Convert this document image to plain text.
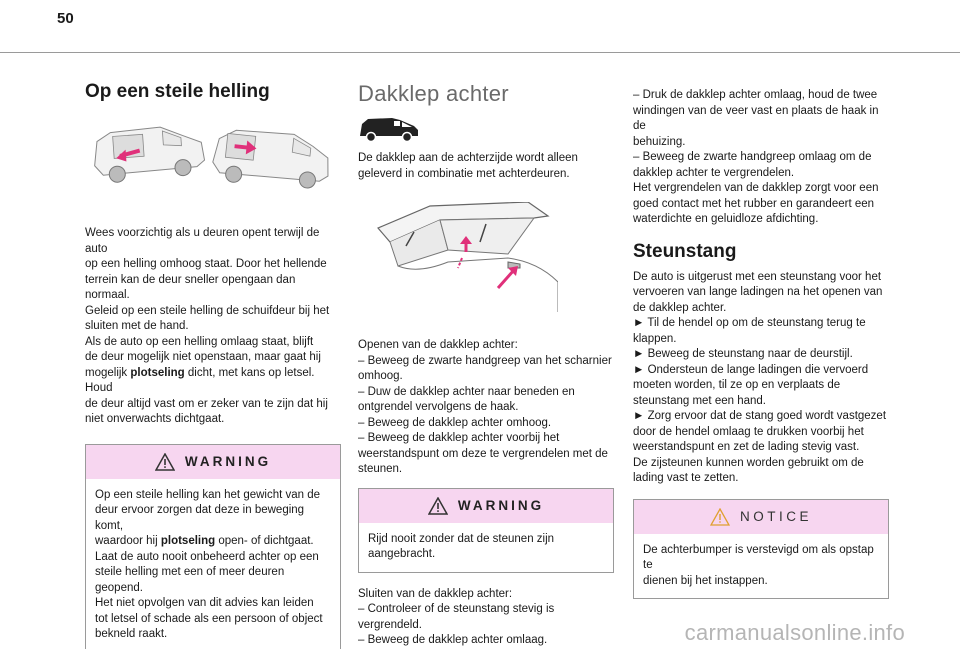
50
Op een steile helling

Wees voorzichtig als u deuren opent terwijl de auto
op een helling omhoog staat. Door het hellende
terrein kan de deur sneller opengaan dan normaal.
Geleid op een steile helling de schuifdeur bij het
sluiten met de hand.
Als de auto op een helling omlaag staat, blijft
de deur mogelijk niet openstaan, maar gaat hij
mogelijk plotseling dicht, met kans op letsel. Houd
de deur altijd vast om er zeker van te zijn dat hij
niet onverwachts dichtgaat.

WARNING

Op een steile helling kan het gewicht van de
deur ervoor zorgen dat deze in beweging komt,
waardoor hij plotseling open- of dichtgaat.
Laat de auto nooit onbeheerd achter op een
steile helling met een of meer deuren geopend.
Het niet opvolgen van dit advies kan leiden
tot letsel of schade als een persoon of object
bekneld raakt.

Dakklep achter

De dakklep aan de achterzijde wordt alleen
geleverd in combinatie met achterdeuren.

Openen van de dakklep achter:
– Beweeg de zwarte handgreep van het scharnier
omhoog.
– Duw de dakklep achter naar beneden en
ontgrendel vervolgens de haak.
– Beweeg de dakklep achter omhoog.
– Beweeg de dakklep achter voorbij het
weerstandspunt om deze te vergrendelen met de
steunen.

WARNING

Rijd nooit zonder dat de steunen zijn
aangebracht.

Sluiten van de dakklep achter:
– Controleer of de steunstang stevig is
vergrendeld.
– Beweeg de dakklep achter omlaag.

– Druk de dakklep achter omlaag, houd de twee
windingen van de veer vast en plaats de haak in de
behuizing.
– Beweeg de zwarte handgreep omlaag om de
dakklep achter te vergrendelen.
Het vergrendelen van de dakklep zorgt voor een
goed contact met het rubber en garandeert een
waterdichte en geluidloze afdichting.

Steunstang

De auto is uitgerust met een steunstang voor het
vervoeren van lange ladingen na het openen van
de dakklep achter.
► Til de hendel op om de steunstang terug te
klappen.
► Beweeg de steunstang naar de deurstijl.
► Ondersteun de lange ladingen die vervoerd
moeten worden, til ze op en verplaats de
steunstang met een hand.
► Zorg ervoor dat de stang goed wordt vastgezet
door de hendel omlaag te drukken voorbij het
weerstandspunt en zet de lading stevig vast.
De zijsteunen kunnen worden gebruikt om de
lading vast te zetten.

NOTICE

De achterbumper is verstevigd om als opstap te
dienen bij het instappen.

carmanualsonline.info
